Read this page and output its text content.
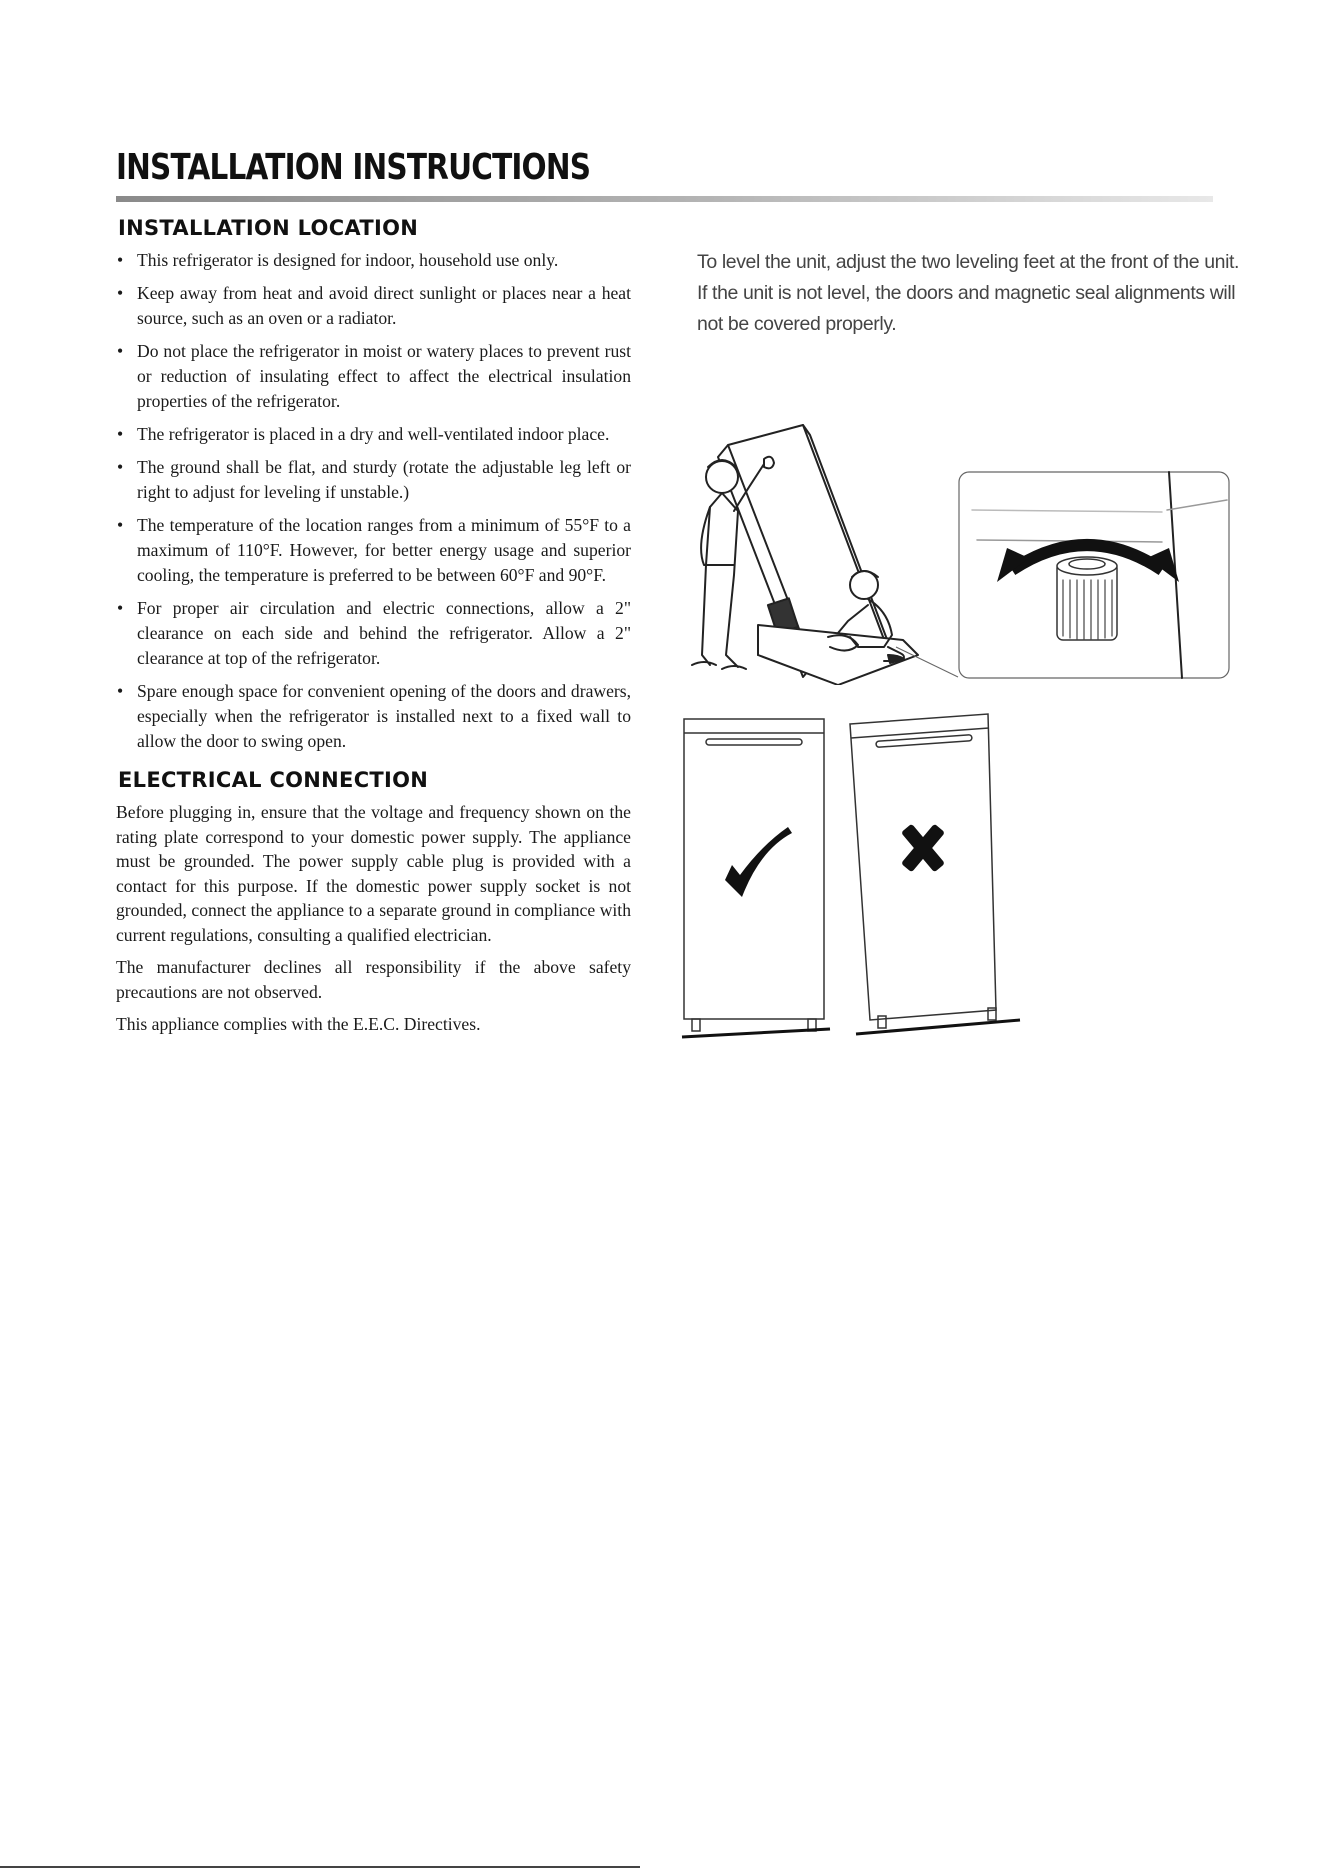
INSTALLATION INSTRUCTIONS
INSTALLATION LOCATION
• This refrigerator is designed for indoor, household use only.
• Keep away from heat and avoid direct sunlight or places near a heat source, such as an oven or a radiator.
• Do not place the refrigerator in moist or watery places to prevent rust or reduction of insulating effect to affect the electrical insulation properties of the refrigerator.
• The refrigerator is placed in a dry and well-ventilated indoor place.
• The ground shall be flat, and sturdy (rotate the adjustable leg left or right to adjust for leveling if unstable.)
• The temperature of the location ranges from a minimum of 55°F to a maximum of 110°F. However, for better energy usage and superior cooling, the temperature is preferred to be between 60°F and 90°F.
• For proper air circulation and electric connections, allow a 2" clearance on each side and behind the refrigerator. Allow a 2" clearance at top of the refrigerator.
• Spare enough space for convenient opening of the doors and drawers, especially when the refrigerator is installed next to a fixed wall to allow the door to swing open.
ELECTRICAL CONNECTION

Before plugging in, ensure that the voltage and frequency shown on the rating plate correspond to your domestic power supply. The appliance must be grounded. The power supply cable plug is provided with a contact for this purpose. If the domestic power supply socket is not grounded, connect the appliance to a separate ground in compliance with current regulations, consulting a qualified electrician.

The manufacturer declines all responsibility if the above safety precautions are not observed.

This appliance complies with the E.E.C. Directives.

To level the unit, adjust the two leveling feet at the front of the unit. If the unit is not level, the doors and magnetic seal alignments will not be covered properly.
